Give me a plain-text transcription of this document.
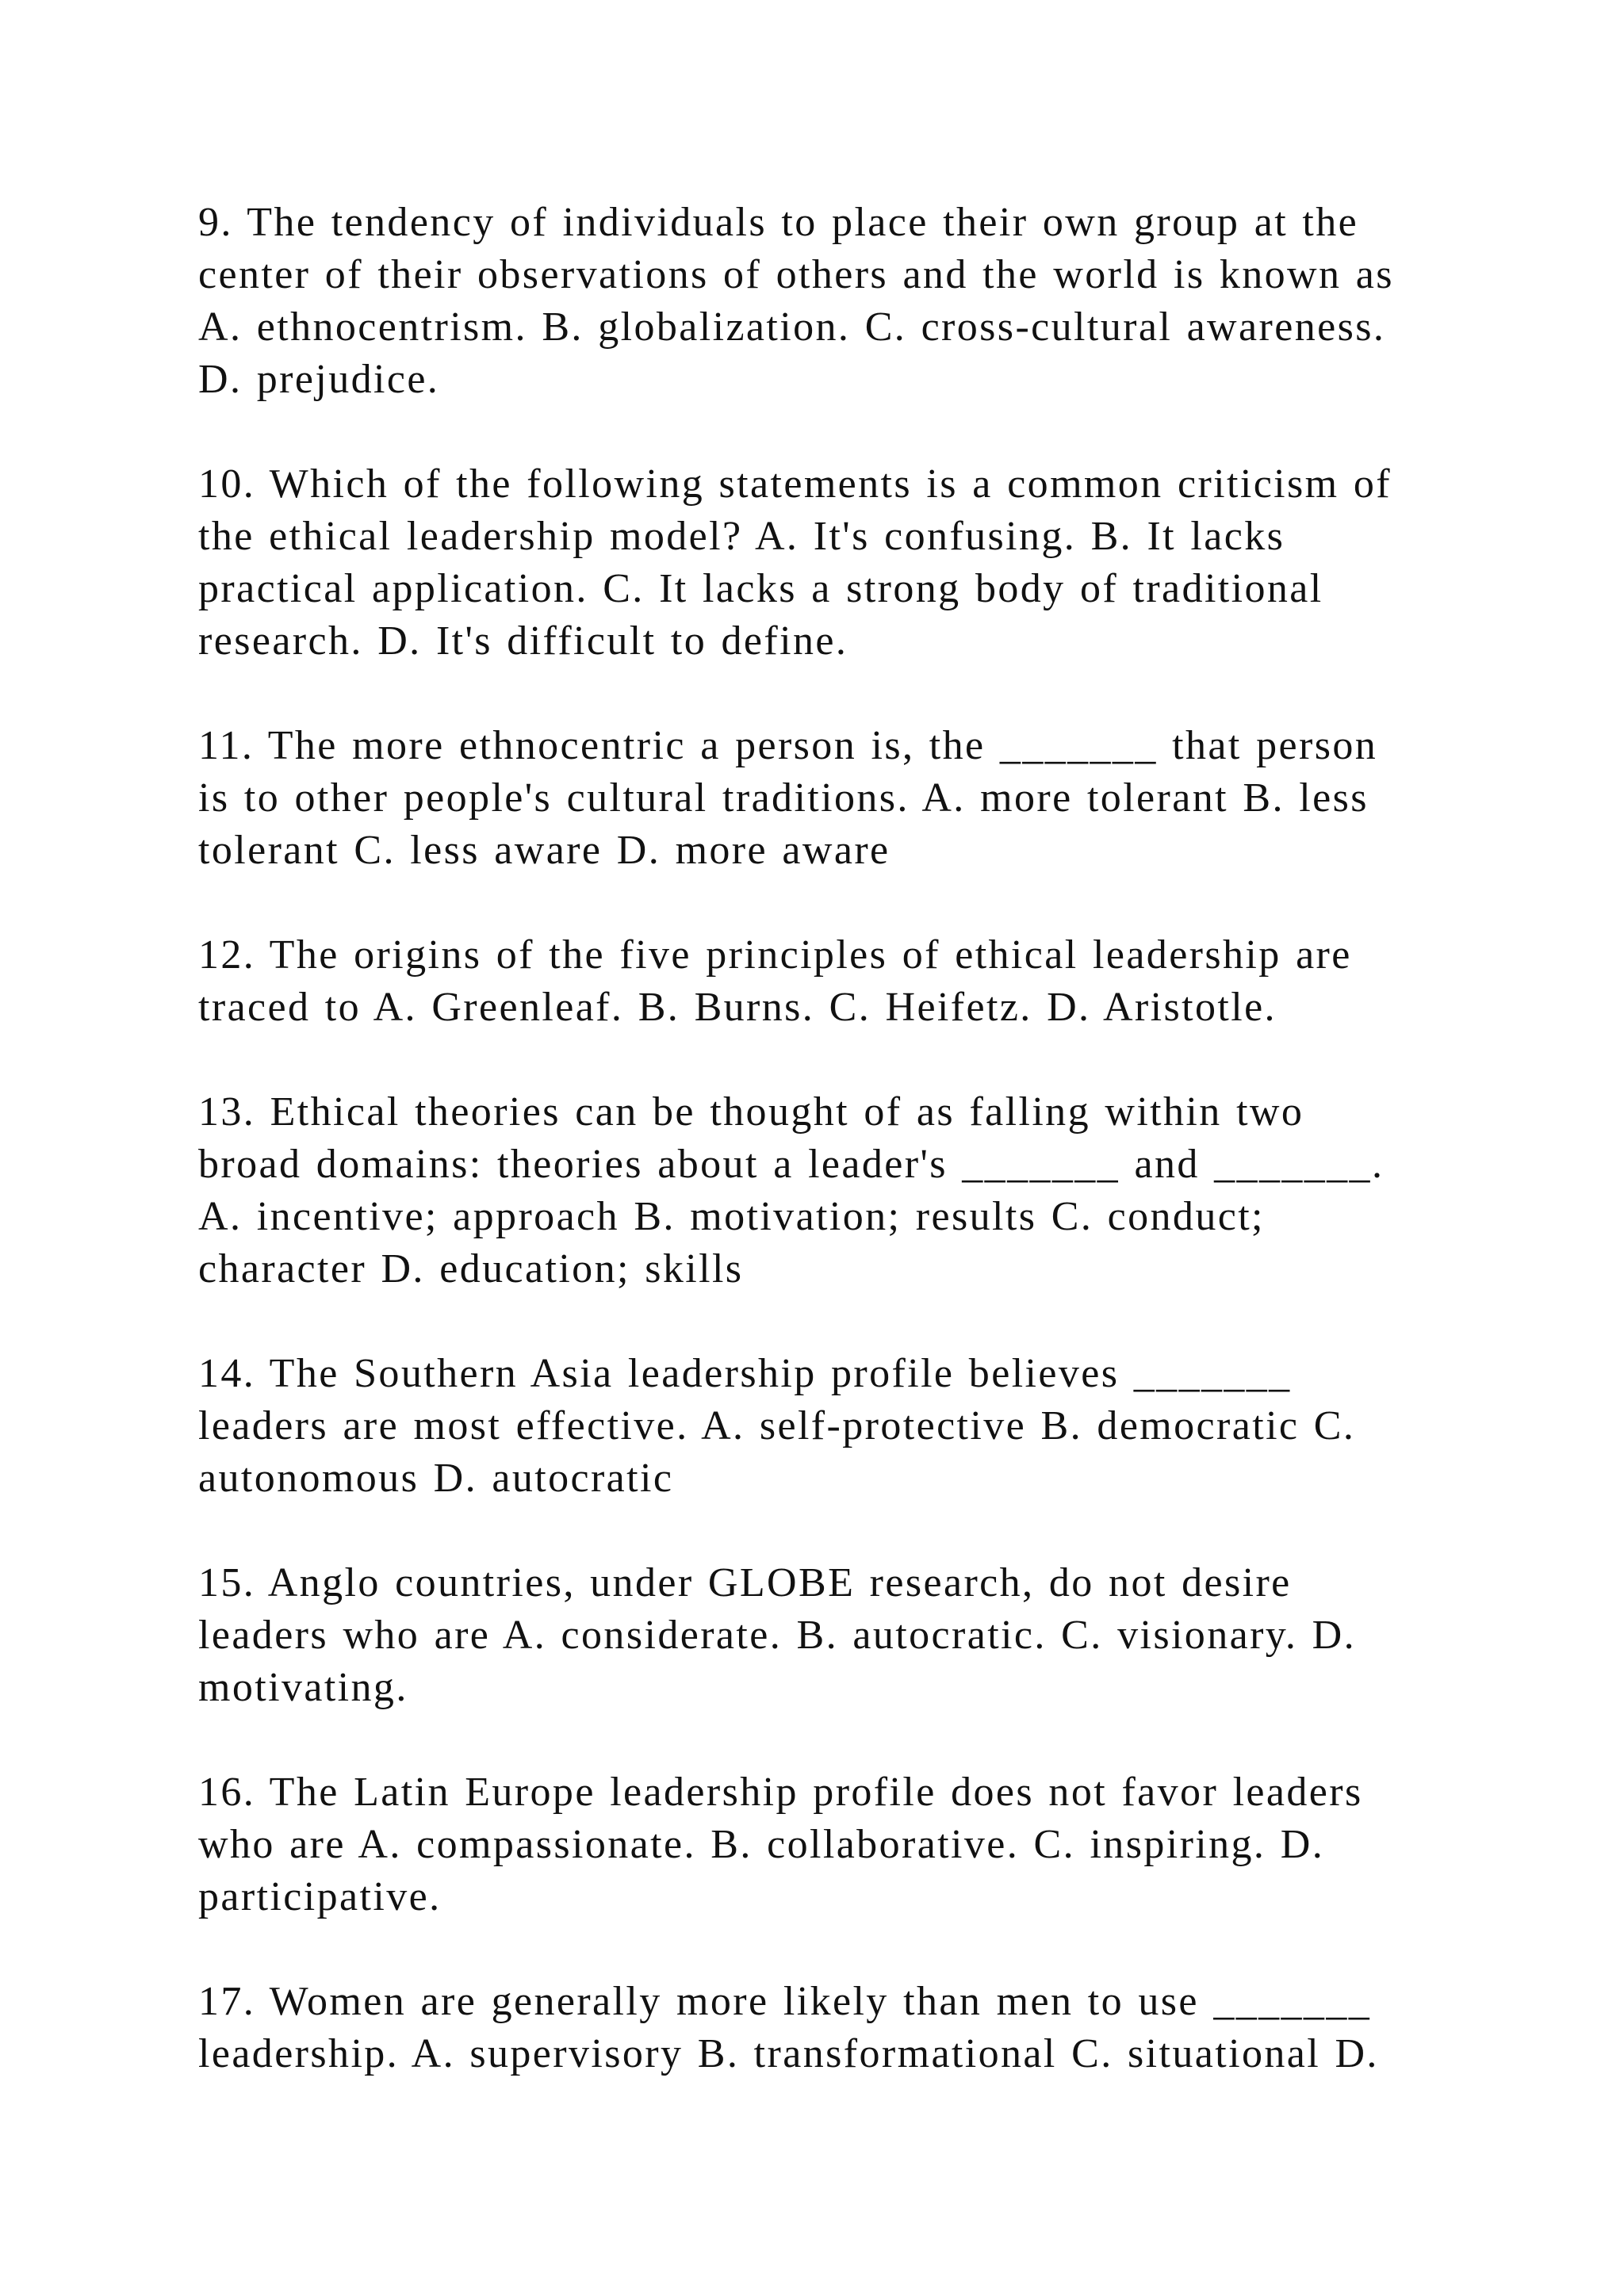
9. The tendency of individuals to place their own group at the
center of their observations of others and the world is known as
A. ethnocentrism. B. globalization. C. cross-cultural awareness.
D. prejudice.
10. Which of the following statements is a common criticism of
the ethical leadership model? A. It's confusing. B. It lacks
practical application. C. It lacks a strong body of traditional
research. D. It's difficult to define.
11. The more ethnocentric a person is, the _______ that person
is to other people's cultural traditions. A. more tolerant B. less
tolerant C. less aware D. more aware
12. The origins of the five principles of ethical leadership are
traced to A. Greenleaf. B. Burns. C. Heifetz. D. Aristotle.
13. Ethical theories can be thought of as falling within two
broad domains: theories about a leader's _______ and _______.
A. incentive; approach B. motivation; results C. conduct;
character D. education; skills
14. The Southern Asia leadership profile believes _______
leaders are most effective. A. self-protective B. democratic C.
autonomous D. autocratic
15. Anglo countries, under GLOBE research, do not desire
leaders who are A. considerate. B. autocratic. C. visionary. D.
motivating.
16. The Latin Europe leadership profile does not favor leaders
who are A. compassionate. B. collaborative. C. inspiring. D.
participative.
17. Women are generally more likely than men to use _______
leadership. A. supervisory B. transformational C. situational D.
